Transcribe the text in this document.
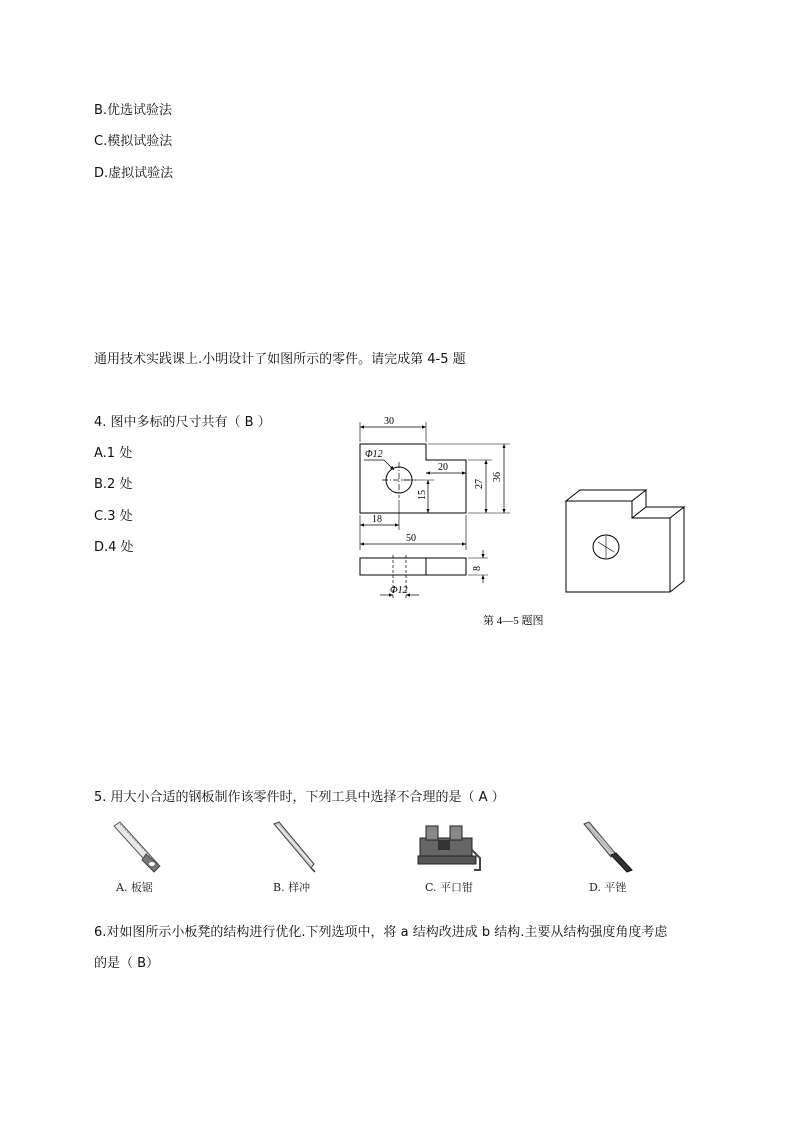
B.优选试验法
C.模拟试验法
D.虚拟试验法
通用技术实践课上.小明设计了如图所示的零件。请完成第 4-5 题
4. 图中多标的尺寸共有（ B ）
A.1 处
B.2 处
C.3 处
D.4 处
30
Φ12
20
27
36
15
18
50
8
Φ12
第 4—5 题图
5. 用大小合适的钢板制作该零件时，下列工具中选择不合理的是（ A ）
A. 板锯	B. 样冲	C. 平口钳	D. 平锉
6.对如图所示小板凳的结构进行优化.下列选项中，将 a 结构改进成 b 结构.主要从结构强度角度考虑
的是（ B）
